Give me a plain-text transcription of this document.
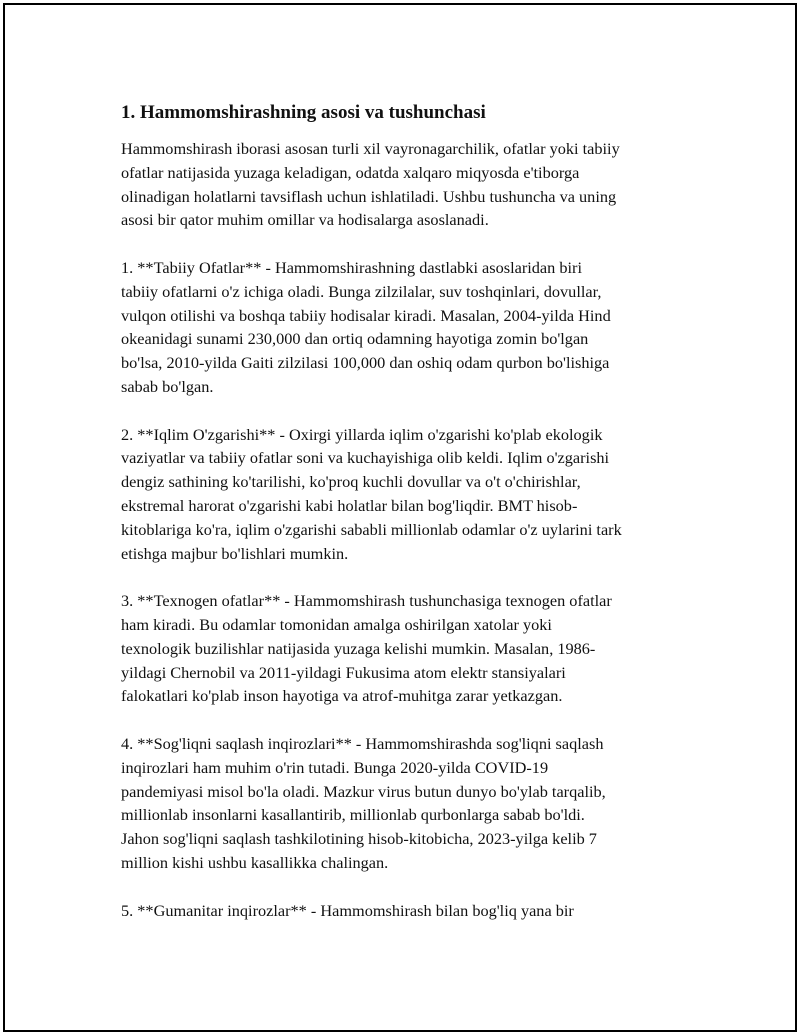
1. Hammomshirashning asosi va tushunchasi

Hammomshirash iborasi asosan turli xil vayronagarchilik, ofatlar yoki tabiiy
ofatlar natijasida yuzaga keladigan, odatda xalqaro miqyosda e'tiborga
olinadigan holatlarni tavsiflash uchun ishlatiladi. Ushbu tushuncha va uning
asosi bir qator muhim omillar va hodisalarga asoslanadi.

1. **Tabiiy Ofatlar** - Hammomshirashning dastlabki asoslaridan biri
tabiiy ofatlarni o'z ichiga oladi. Bunga zilzilalar, suv toshqinlari, dovullar,
vulqon otilishi va boshqa tabiiy hodisalar kiradi. Masalan, 2004-yilda Hind
okeanidagi sunami 230,000 dan ortiq odamning hayotiga zomin bo'lgan
bo'lsa, 2010-yilda Gaiti zilzilasi 100,000 dan oshiq odam qurbon bo'lishiga
sabab bo'lgan.

2. **Iqlim O'zgarishi** - Oxirgi yillarda iqlim o'zgarishi ko'plab ekologik
vaziyatlar va tabiiy ofatlar soni va kuchayishiga olib keldi. Iqlim o'zgarishi
dengiz sathining ko'tarilishi, ko'proq kuchli dovullar va o't o'chirishlar,
ekstremal harorat o'zgarishi kabi holatlar bilan bog'liqdir. BMT hisob-
kitoblariga ko'ra, iqlim o'zgarishi sababli millionlab odamlar o'z uylarini tark
etishga majbur bo'lishlari mumkin.

3. **Texnogen ofatlar** - Hammomshirash tushunchasiga texnogen ofatlar
ham kiradi. Bu odamlar tomonidan amalga oshirilgan xatolar yoki
texnologik buzilishlar natijasida yuzaga kelishi mumkin. Masalan, 1986-
yildagi Chernobil va 2011-yildagi Fukusima atom elektr stansiyalari
falokatlari ko'plab inson hayotiga va atrof-muhitga zarar yetkazgan.

4. **Sog'liqni saqlash inqirozlari** - Hammomshirashda sog'liqni saqlash
inqirozlari ham muhim o'rin tutadi. Bunga 2020-yilda COVID-19
pandemiyasi misol bo'la oladi. Mazkur virus butun dunyo bo'ylab tarqalib,
millionlab insonlarni kasallantirib, millionlab qurbonlarga sabab bo'ldi.
Jahon sog'liqni saqlash tashkilotining hisob-kitobicha, 2023-yilga kelib 7
million kishi ushbu kasallikka chalingan.

5. **Gumanitar inqirozlar** - Hammomshirash bilan bog'liq yana bir
